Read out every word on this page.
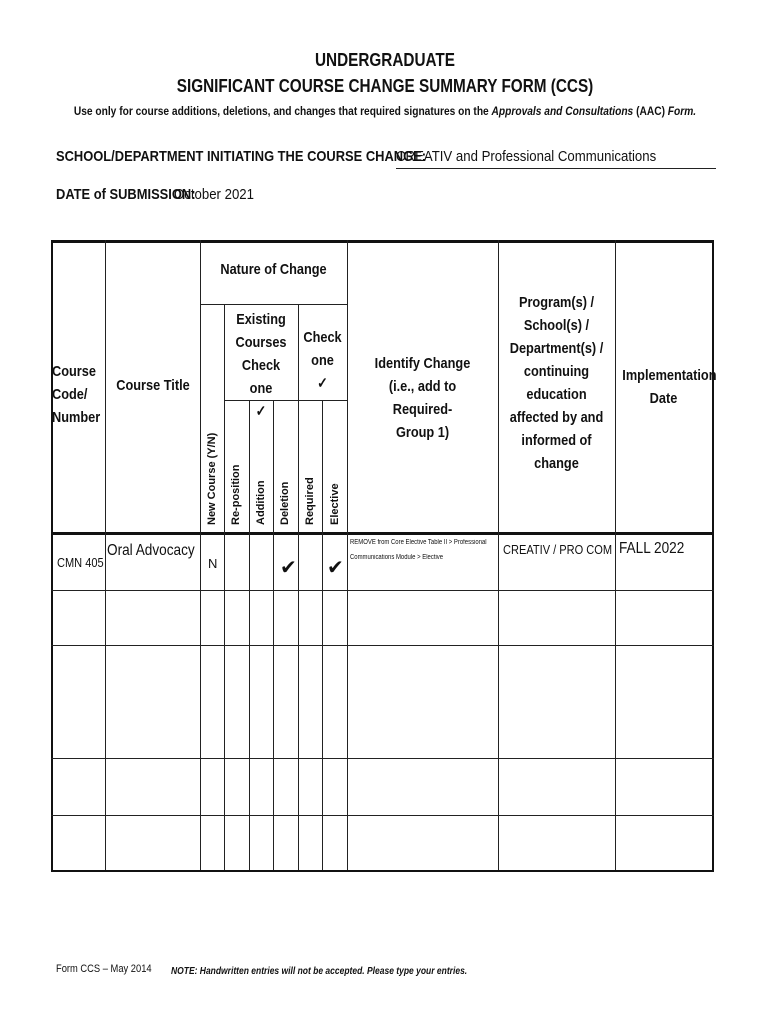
UNDERGRADUATE
SIGNIFICANT COURSE CHANGE SUMMARY FORM (CCS)
Use only for course additions, deletions, and changes that required signatures on the Approvals and Consultations (AAC) Form.
SCHOOL/DEPARTMENT INITIATING THE COURSE CHANGE:
CREATIV and Professional Communications
DATE of SUBMISSION:
October 2021
Course
Code/
Number
Course Title
Nature of Change
Existing
Courses
Check one
✓
Check
one
✓
Identify Change
(i.e., add to Required-
Group 1)
Program(s) /
School(s) /
Department(s) /
continuing
education
affected by and
informed of
change
Implementation
Date
New Course (Y/N) Re-position Addition Deletion Required Elective
CMN 405
Oral Advocacy
N	✔ ✔
REMOVE from Core Elective Table II > Professional
Communications Module > Elective
CREATIV / PRO COM FALL 2022
Form CCS – May 2014 NOTE: Handwritten entries will not be accepted. Please type your entries.
